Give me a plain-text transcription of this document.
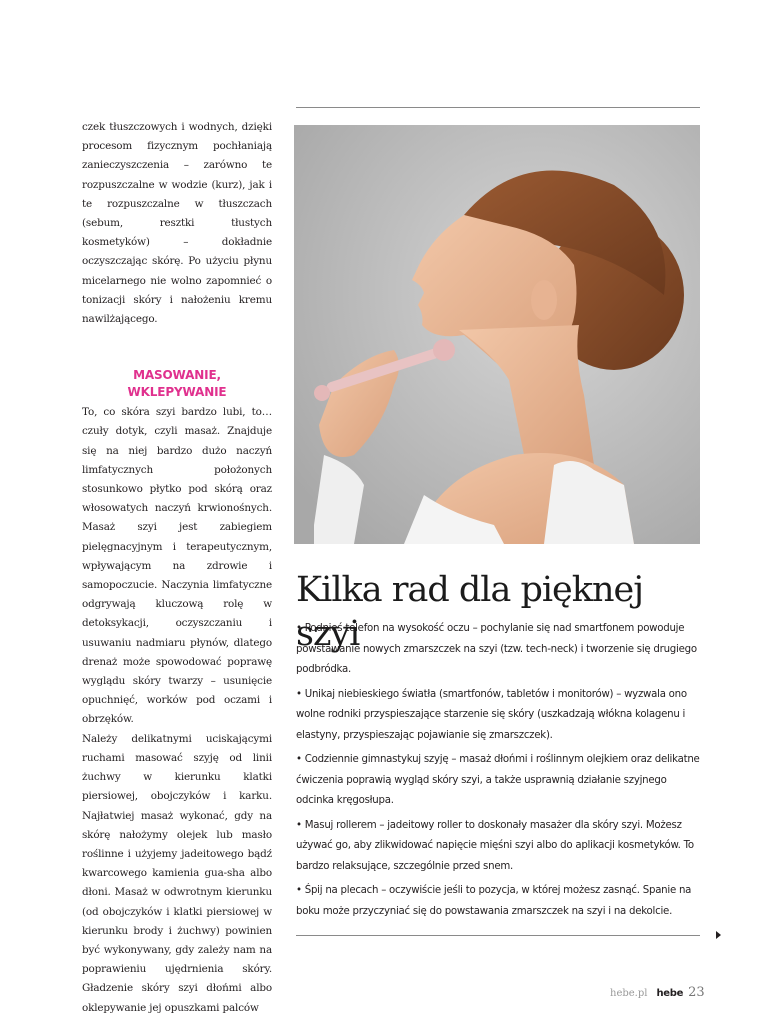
czek tłuszczowych i wodnych, dzięki procesom fizycznym pochłaniają zanieczyszczenia – zarówno te rozpuszczalne w wodzie (kurz), jak i te rozpuszczalne w tłuszczach (sebum, resztki tłustych kosmetyków) – dokładnie oczyszczając skórę. Po użyciu płynu micelarnego nie wolno zapomnieć o tonizacji skóry i nałożeniu kremu nawilżającego.

MASOWANIE,
WKLEPYWANIE

To, co skóra szyi bardzo lubi, to… czuły dotyk, czyli masaż. Znajduje się na niej bardzo dużo naczyń limfatycznych położonych stosunkowo płytko pod skórą oraz włosowatych naczyń krwionośnych. Masaż szyi jest zabiegiem pielęgnacyjnym i terapeutycznym, wpływającym na zdrowie i samopoczucie. Naczynia limfatyczne odgrywają kluczową rolę w detoksykacji, oczyszczaniu i usuwaniu nadmiaru płynów, dlatego drenaż może spowodować poprawę wyglądu skóry twarzy – usunięcie opuchnięć, worków pod oczami i obrzęków.

Należy delikatnymi uciskającymi ruchami masować szyję od linii żuchwy w kierunku klatki piersiowej, obojczyków i karku. Najłatwiej masaż wykonać, gdy na skórę nałożymy olejek lub masło roślinne i użyjemy jadeitowego bądź kwarcowego kamienia gua-sha albo dłoni. Masaż w odwrotnym kierunku (od obojczyków i klatki piersiowej w kierunku brody i żuchwy) powinien być wykonywany, gdy zależy nam na poprawieniu ujędrnienia skóry. Gładzenie skóry szyi dłońmi albo oklepywanie jej opuszkami palców

Kilka rad dla pięknej szyi

• Podnieś telefon na wysokość oczu – pochylanie się nad smartfonem powoduje powstawanie nowych zmarszczek na szyi (tzw. tech-neck) i tworzenie się drugiego podbródka.

• Unikaj niebieskiego światła (smartfonów, tabletów i monitorów) – wyzwala ono wolne rodniki przyspieszające starzenie się skóry (uszkadzają włókna kolagenu i elastyny, przyspieszając pojawianie się zmarszczek).

• Codziennie gimnastykuj szyję – masaż dłońmi i roślinnym olejkiem oraz delikatne ćwiczenia poprawią wygląd skóry szyi, a także usprawnią działanie szyjnego odcinka kręgosłupa.

• Masuj rollerem – jadeitowy roller to doskonały masażer dla skóry szyi. Możesz używać go, aby zlikwidować napięcie mięśni szyi albo do aplikacji kosmetyków. To bardzo relaksujące, szczególnie przed snem.

• Śpij na plecach – oczywiście jeśli to pozycja, w której możesz zasnąć. Spanie na boku może przyczyniać się do powstawania zmarszczek na szyi i na dekolcie.

hebe.pl hebe 23
